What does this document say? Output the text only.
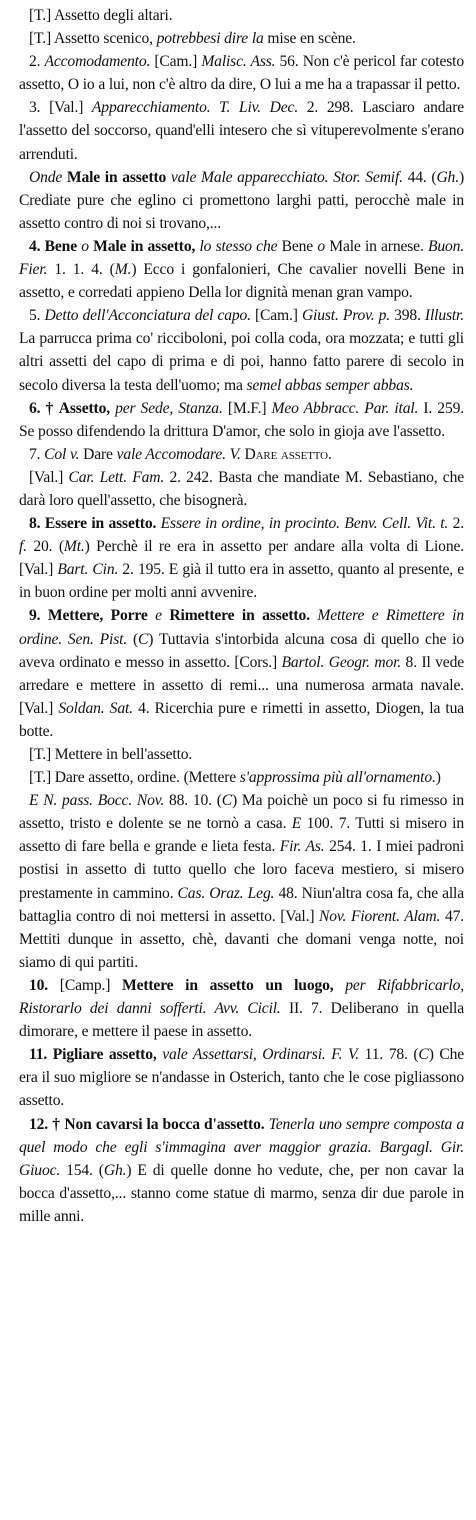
[T.] Assetto degli altari.

[T.] Assetto scenico, potrebbesi dire la mise en scène.

2. Accomodamento. [Cam.] Malisc. Ass. 56. Non c'è pericol far cotesto assetto, O io a lui, non c'è altro da dire, O lui a me ha a trapassar il petto.

3. [Val.] Apparecchiamento. T. Liv. Dec. 2. 298. Lasciaro andare l'assetto del soccorso, quand'elli intesero che sì vituperevolmente s'erano arrenduti.

Onde Male in assetto vale Male apparecchiato. Stor. Semif. 44. (Gh.) Crediate pure che eglino ci promettono larghi patti, perocchè male in assetto contro di noi si trovano,...

4. Bene o Male in assetto, lo stesso che Bene o Male in arnese. Buon. Fier. 1. 1. 4. (M.) Ecco i gonfalonieri, Che cavalier novelli Bene in assetto, e corredati appieno Della lor dignità menan gran vampo.

5. Detto dell'Acconciatura del capo. [Cam.] Giust. Prov. p. 398. Illustr. La parrucca prima co' ricciboloni, poi colla coda, ora mozzata; e tutti gli altri assetti del capo di prima e di poi, hanno fatto parere di secolo in secolo diversa la testa dell'uomo; ma semel abbas semper abbas.

6. † Assetto, per Sede, Stanza. [M.F.] Meo Abbracc. Par. ital. I. 259. Se posso difendendo la drittura D'amor, che solo in gioja ave l'assetto.

7. Col v. Dare vale Accomodare. V. Dare assetto.

[Val.] Car. Lett. Fam. 2. 242. Basta che mandiate M. Sebastiano, che darà loro quell'assetto, che bisognerà.

8. Essere in assetto. Essere in ordine, in procinto. Benv. Cell. Vit. t. 2. f. 20. (Mt.) Perchè il re era in assetto per andare alla volta di Lione. [Val.] Bart. Cin. 2. 195. E già il tutto era in assetto, quanto al presente, e in buon ordine per molti anni avvenire.

9. Mettere, Porre e Rimettere in assetto. Mettere e Rimettere in ordine. Sen. Pist. (C) Tuttavia s'intorbida alcuna cosa di quello che io aveva ordinato e messo in assetto. [Cors.] Bartol. Geogr. mor. 8. Il vede arredare e mettere in assetto di remi... una numerosa armata navale. [Val.] Soldan. Sat. 4. Ricerchia pure e rimetti in assetto, Diogen, la tua botte.

[T.] Mettere in bell'assetto.

[T.] Dare assetto, ordine. (Mettere s'approssima più all'ornamento.)

E N. pass. Bocc. Nov. 88. 10. (C) Ma poichè un poco si fu rimesso in assetto, tristo e dolente se ne tornò a casa. E 100. 7. Tutti si misero in assetto di fare bella e grande e lieta festa. Fir. As. 254. 1. I miei padroni postisi in assetto di tutto quello che loro faceva mestiero, si misero prestamente in cammino. Cas. Oraz. Leg. 48. Niun'altra cosa fa, che alla battaglia contro di noi mettersi in assetto. [Val.] Nov. Fiorent. Alam. 47. Mettiti dunque in assetto, chè, davanti che domani venga notte, noi siamo di qui partiti.

10. [Camp.] Mettere in assetto un luogo, per Rifabbricarlo, Ristorarlo dei danni sofferti. Avv. Cicil. II. 7. Deliberano in quella dimorare, e mettere il paese in assetto.

11. Pigliare assetto, vale Assettarsi, Ordinarsi. F. V. 11. 78. (C) Che era il suo migliore se n'andasse in Osterich, tanto che le cose pigliassono assetto.

12. † Non cavarsi la bocca d'assetto. Tenerla uno sempre composta a quel modo che egli s'immagina aver maggior grazia. Bargagl. Gir. Giuoc. 154. (Gh.) E di quelle donne ho vedute, che, per non cavar la bocca d'assetto,... stanno come statue di marmo, senza dir due parole in mille anni.
